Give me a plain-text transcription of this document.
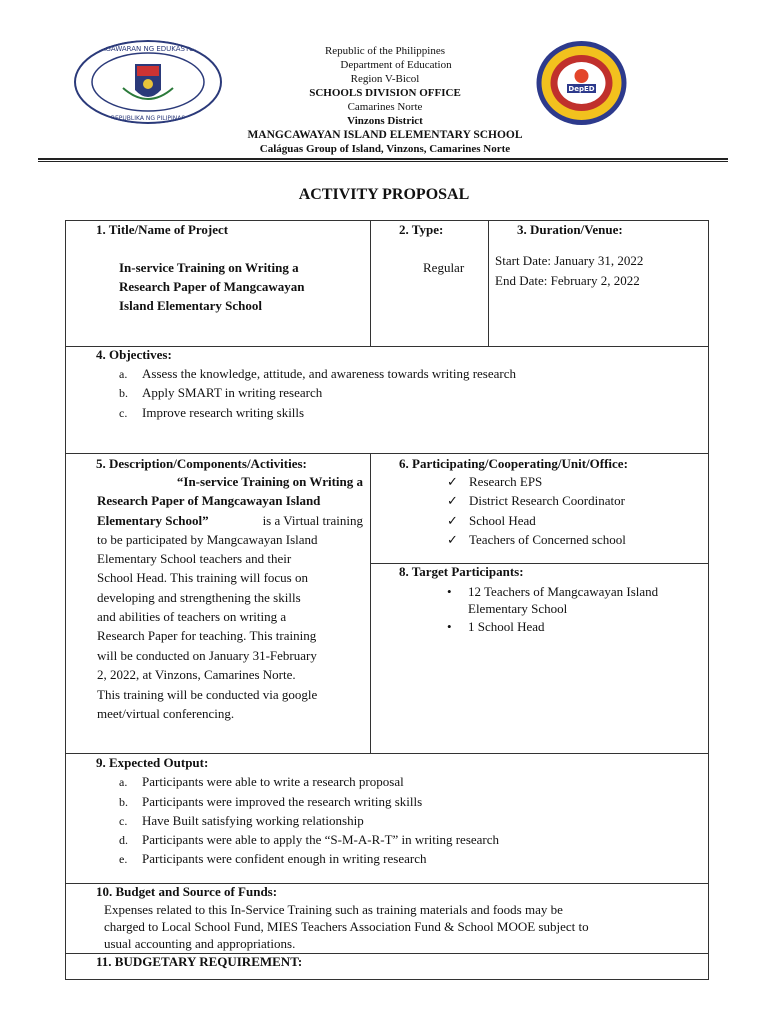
KAGAWARAN NG EDUKASYON
REPUBLIKA NG PILIPINAS
DepED
Republic of the Philippines
Department of Education
Region V-Bicol
SCHOOLS DIVISION OFFICE
Camarines Norte
Vinzons District
MANGCAWAYAN ISLAND ELEMENTARY SCHOOL
Caláguas Group of Island, Vinzons, Camarines Norte
ACTIVITY PROPOSAL
1. Title/Name of Project
In-service Training on Writing a
Research Paper of Mangcawayan
Island Elementary School
2. Type:
Regular
3. Duration/Venue:
Start Date: January 31, 2022
End Date: February 2, 2022
4. Objectives:
a. Assess the knowledge, attitude, and awareness towards writing research
b. Apply SMART in writing research
c. Improve research writing skills
5. Description/Components/Activities:
“In-service Training on Writing a
Research Paper of Mangcawayan Island
Elementary School”	is a Virtual training
to be participated by Mangcawayan Island
Elementary School teachers and their
School Head. This training will focus on
developing and strengthening the skills
and abilities of teachers on writing a
Research Paper for teaching. This training
will be conducted on January 31-February
2, 2022, at Vinzons, Camarines Norte.
This training will be conducted via google
meet/virtual conferencing.
6. Participating/Cooperating/Unit/Office:
✓ Research EPS
✓ District Research Coordinator
✓ School Head
✓ Teachers of Concerned school
8. Target Participants:
• 12 Teachers of Mangcawayan Island
Elementary School
• 1 School Head
9. Expected Output:
a. Participants were able to write a research proposal
b. Participants were improved the research writing skills
c. Have Built satisfying working relationship
d. Participants were able to apply the “S-M-A-R-T” in writing research
e. Participants were confident enough in writing research
10. Budget and Source of Funds:
Expenses related to this In-Service Training such as training materials and foods may be
charged to Local School Fund, MIES Teachers Association Fund & School MOOE subject to
usual accounting and appropriations.
11. BUDGETARY REQUIREMENT:
